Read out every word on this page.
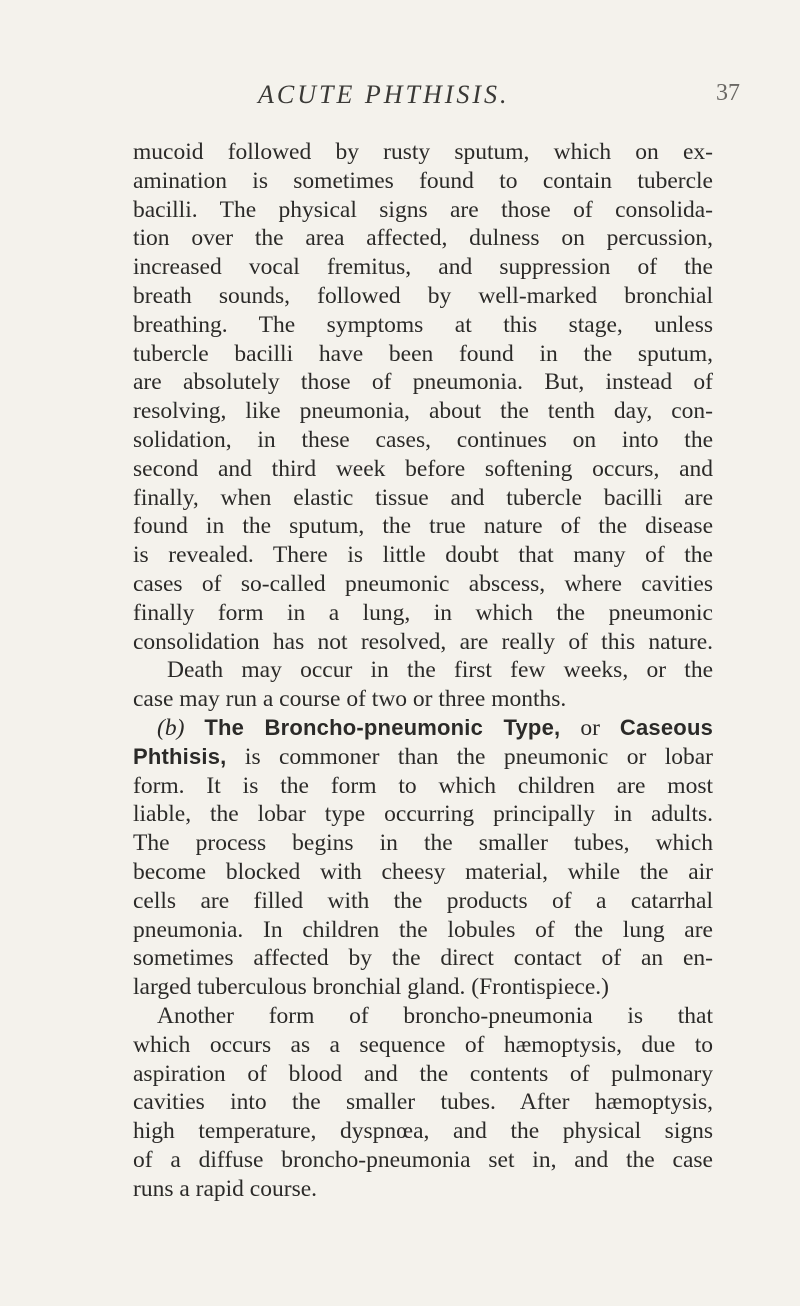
ACUTE PHTHISIS.	37
mucoid followed by rusty sputum, which on ex-
amination is sometimes found to contain tubercle
bacilli. The physical signs are those of consolida-
tion over the area affected, dulness on percussion,
increased vocal fremitus, and suppression of the
breath sounds, followed by well-marked bronchial
breathing. The symptoms at this stage, unless
tubercle bacilli have been found in the sputum,
are absolutely those of pneumonia. But, instead of
resolving, like pneumonia, about the tenth day, con-
solidation, in these cases, continues on into the
second and third week before softening occurs, and
finally, when elastic tissue and tubercle bacilli are
found in the sputum, the true nature of the disease
is revealed. There is little doubt that many of the
cases of so-called pneumonic abscess, where cavities
finally form in a lung, in which the pneumonic
consolidation has not resolved, are really of this nature.
Death may occur in the first few weeks, or the
case may run a course of two or three months.
(b) The Broncho-pneumonic Type, or Caseous
Phthisis, is commoner than the pneumonic or lobar
form. It is the form to which children are most
liable, the lobar type occurring principally in adults.
The process begins in the smaller tubes, which
become blocked with cheesy material, while the air
cells are filled with the products of a catarrhal
pneumonia. In children the lobules of the lung are
sometimes affected by the direct contact of an en-
larged tuberculous bronchial gland. (Frontispiece.)
Another form of broncho-pneumonia is that
which occurs as a sequence of hæmoptysis, due to
aspiration of blood and the contents of pulmonary
cavities into the smaller tubes. After hæmoptysis,
high temperature, dyspnœa, and the physical signs
of a diffuse broncho-pneumonia set in, and the case
runs a rapid course.
